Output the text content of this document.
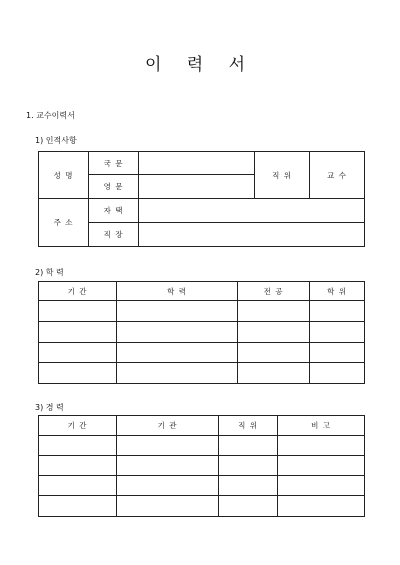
이 력 서
1. 교수이력서
1) 인적사항
성 명	국 문		직 위	교 수
	영 문			
주 소	자 택			
	직 장			
2) 학 력
기 간	학 력	전 공	학 위

3) 경 력
기 간	기 관	직 위	비 고
